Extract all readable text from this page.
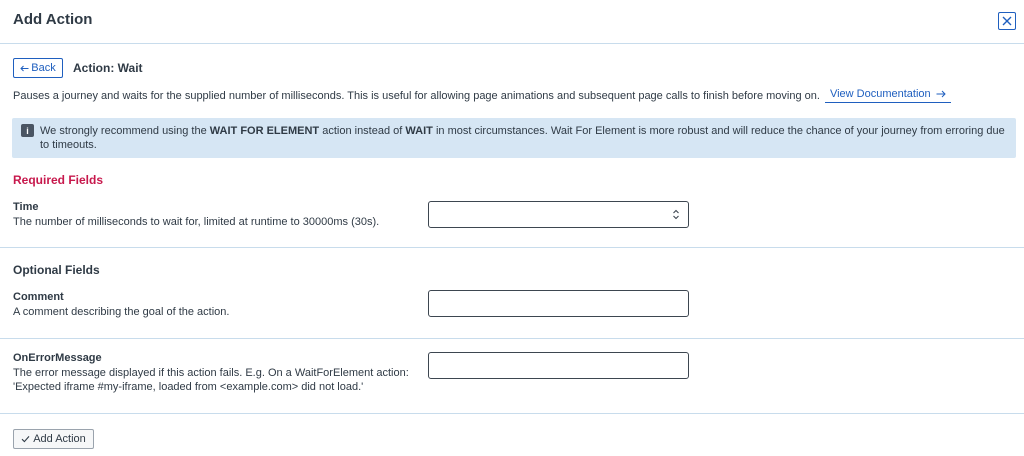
Add Action
Back Action: Wait
Pauses a journey and waits for the supplied number of milliseconds. This is useful for allowing page animations and subsequent page calls to finish before moving on. View Documentation
i	We strongly recommend using the WAIT FOR ELEMENT action instead of WAIT in most circumstances. Wait For Element is more robust and will reduce the chance of your journey from erroring due to timeouts.
Required Fields
Time
The number of milliseconds to wait for, limited at runtime to 30000ms (30s).
Optional Fields
Comment
A comment describing the goal of the action.
OnErrorMessage
The error message displayed if this action fails. E.g. On a WaitForElement action:
'Expected iframe #my-iframe, loaded from <example.com> did not load.'
Add Action
